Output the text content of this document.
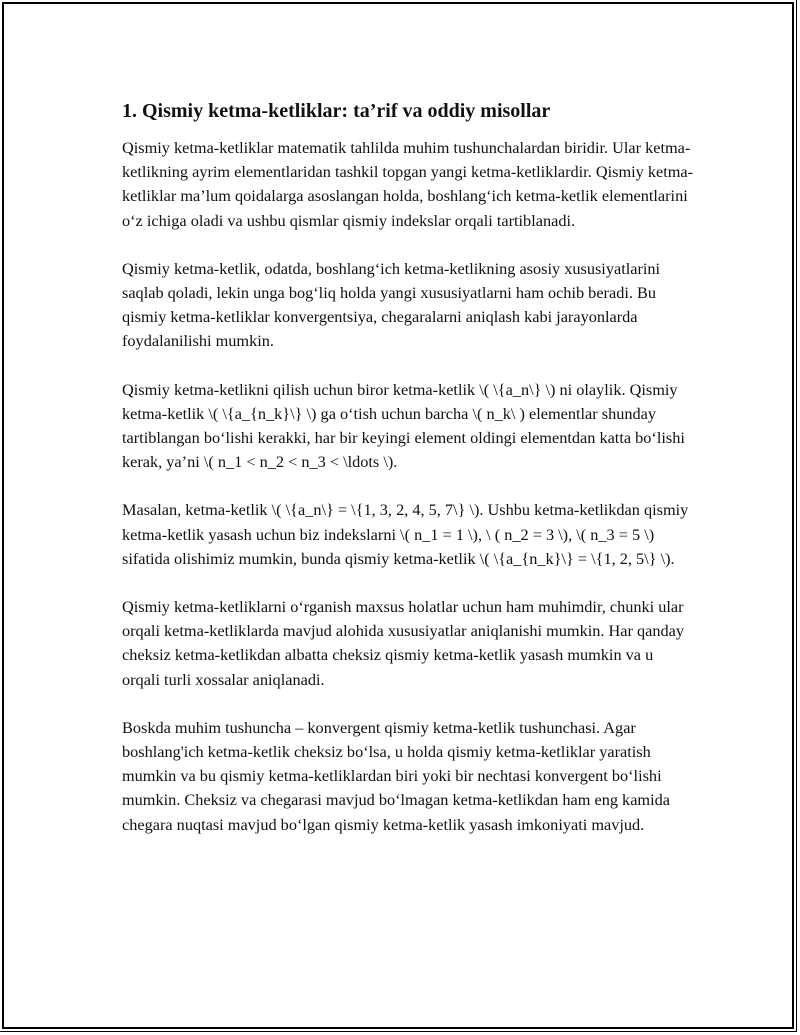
1. Qismiy ketma-ketliklar: ta’rif va oddiy misollar

Qismiy ketma-ketliklar matematik tahlilda muhim tushunchalardan biridir. Ular ketma-ketlikning ayrim elementlaridan tashkil topgan yangi ketma-ketliklardir. Qismiy ketma-ketliklar ma’lum qoidalarga asoslangan holda, boshlang‘ich ketma-ketlik elementlarini o‘z ichiga oladi va ushbu qismlar qismiy indekslar orqali tartiblanadi.

Qismiy ketma-ketlik, odatda, boshlang‘ich ketma-ketlikning asosiy xususiyatlarini saqlab qoladi, lekin unga bog‘liq holda yangi xususiyatlarni ham ochib beradi. Bu qismiy ketma-ketliklar konvergentsiya, chegaralarni aniqlash kabi jarayonlarda foydalanilishi mumkin.

Qismiy ketma-ketlikni qilish uchun biror ketma-ketlik \( \{a_n\} \) ni olaylik. Qismiy ketma-ketlik \( \{a_{n_k}\} \) ga o‘tish uchun barcha \( n_k\ ) elementlar shunday tartiblangan bo‘lishi kerakki, har bir keyingi element oldingi elementdan katta bo‘lishi kerak, ya’ni \( n_1 < n_2 < n_3 < \ldots \).

Masalan, ketma-ketlik \( \{a_n\} = \{1, 3, 2, 4, 5, 7\} \). Ushbu ketma-ketlikdan qismiy ketma-ketlik yasash uchun biz indekslarni \( n_1 = 1 \), \ ( n_2 = 3 \), \( n_3 = 5 \) sifatida olishimiz mumkin, bunda qismiy ketma-ketlik \( \{a_{n_k}\} = \{1, 2, 5\} \).

Qismiy ketma-ketliklarni o‘rganish maxsus holatlar uchun ham muhimdir, chunki ular orqali ketma-ketliklarda mavjud alohida xususiyatlar aniqlanishi mumkin. Har qanday cheksiz ketma-ketlikdan albatta cheksiz qismiy ketma-ketlik yasash mumkin va u orqali turli xossalar aniqlanadi.

Boskda muhim tushuncha – konvergent qismiy ketma-ketlik tushunchasi. Agar boshlang'ich ketma-ketlik cheksiz bo‘lsa, u holda qismiy ketma-ketliklar yaratish mumkin va bu qismiy ketma-ketliklardan biri yoki bir nechtasi konvergent bo‘lishi mumkin. Cheksiz va chegarasi mavjud bo‘lmagan ketma-ketlikdan ham eng kamida chegara nuqtasi mavjud bo‘lgan qismiy ketma-ketlik yasash imkoniyati mavjud.
